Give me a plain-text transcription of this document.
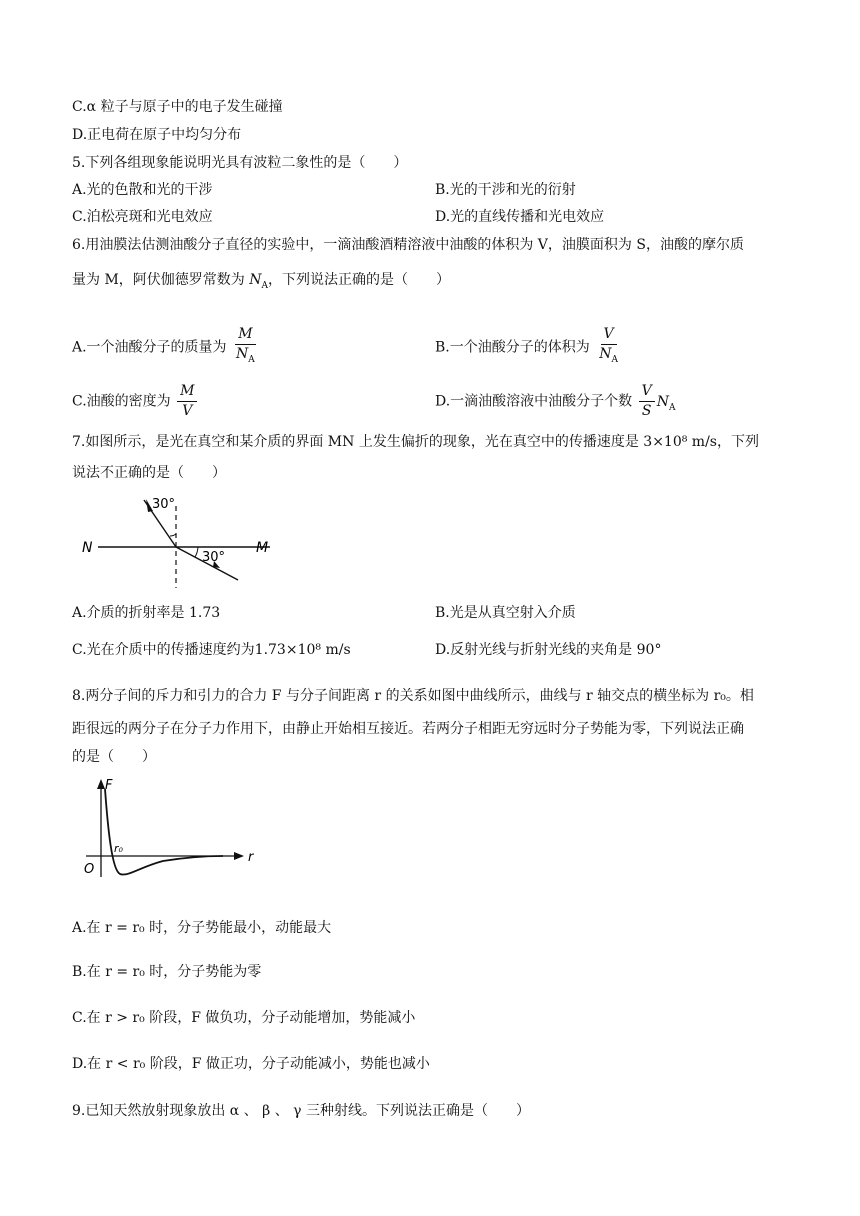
C.α 粒子与原子中的电子发生碰撞
D.正电荷在原子中均匀分布
5.下列各组现象能说明光具有波粒二象性的是（　　）
A.光的色散和光的干涉	B.光的干涉和光的衍射
C.泊松亮斑和光电效应	D.光的直线传播和光电效应
6.用油膜法估测油酸分子直径的实验中，一滴油酸酒精溶液中油酸的体积为 V，油膜面积为 S，油酸的摩尔质
量为 M，阿伏伽德罗常数为 $N_A$，下列说法正确的是（　　）
A.一个油酸分子的质量为 $\frac{M}{N_A}$	B.一个油酸分子的体积为 $\frac{V}{N_A}$
C.油酸的密度为 $\frac{M}{V}$	D.一滴油酸溶液中油酸分子个数 $\frac{V}{S} N_A$
7.如图所示，是光在真空和某介质的界面 MN 上发生偏折的现象，光在真空中的传播速度是 3×10⁸ m/s，下列
说法不正确的是（　　）
30°
30°
N	M
A.介质的折射率是 1.73	B.光是从真空射入介质
C.光在介质中的传播速度约为1.73×10⁸ m/s	D.反射光线与折射光线的夹角是 90°
8.两分子间的斥力和引力的合力 F 与分子间距离 r 的关系如图中曲线所示，曲线与 r 轴交点的横坐标为 r₀。相
距很远的两分子在分子力作用下，由静止开始相互接近。若两分子相距无穷远时分子势能为零，下列说法正确
的是（　　）
F
r
O
r₀
A.在 r = r₀ 时，分子势能最小，动能最大
B.在 r = r₀ 时，分子势能为零
C.在 r > r₀ 阶段，F 做负功，分子动能增加，势能减小
D.在 r < r₀ 阶段，F 做正功，分子动能减小，势能也减小
9.已知天然放射现象放出 α 、 β 、 γ 三种射线。下列说法正确是（　　）
